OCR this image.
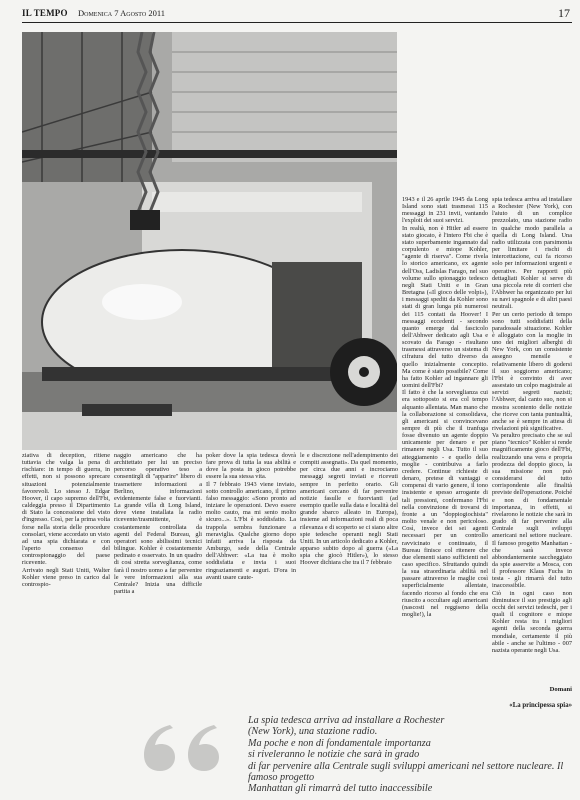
IL TEMPO Domenica 7 Agosto 2011	17
1943 e il 26 aprile 1945 da Long Island sono stati trasmessi 115 messaggi in 231 invii, vantando l'exploit dei suoi servizi.
In realtà, non è Hitler ad essere stato giocato, è l'intero Fbi che è stato superbamente ingannato dal corpulento e miope Kohler, "agente di riserva". Come rivela lo storico americano, ex agente dell'Oss, Ladislas Farago, nel suo volume sullo spionaggio tedesco negli Stati Uniti e in Gran Bretagna («Il gioco delle volpi»), i messaggi spediti da Kohler sono stati di gran lunga più numerosi dei 115 contati da Hoover! I messaggi eccedenti - secondo quanto emerge dal fascicolo dell'Abhwer dedicato agli Usa e scovato da Farago - risultano trasmessi attraverso un sistema di cifratura del tutto diverso da quello inizialmente concepito. Ma come è stato possibile? Come ha fatto Kohler ad ingannare gli uomini dell'Fbi?
Il fatto è che la sorveglianza cui era sottoposto si era col tempo alquanto allentata. Man mano che la collaborazione si consolidava, gli americani si convincevano sempre di più che il tranfuga fosse divenuto un agente doppio unicamente per denaro e per rimanere negli Usa. Tutto il suo atteggiamento - e quello della moglie - contribuiva a farlo credere. Continue richieste di denaro, pretese di vantaggi e compensi di vario genere, il tono insistente e spesso arrogante di tali pressioni, confermano l'Fbi nella convinzione di trovarsi di fronte a un "doppiogiochista" molto venale e non pericoloso. Così, invece dei sei agenti necessari per un controllo ravvicinato e continuato, il Bureau finisce col ritenere che due elementi siano sufficienti nel caso specifico. Sfruttando quindi la sua straordinaria abilità nel passare attraverso le maglie così superficialmente allentate, facendo ricorso al fondo che era riuscito a occultare agli americani (nascosti nel reggiseno della moglie!), la
spia tedesca arriva ad installare a Rochester (New York), con l'aiuto di un complice prezzolato, una stazione radio in qualche modo parallela a quella di Long Island. Una radio utilizzata con parsimonia per limitare i rischi di intercettazione, cui fa ricorso solo per informazioni urgenti e operative. Per rapporti più dettagliati Kohler si serve di una piccola rete di corrieri che l'Abhwer ha organizzato per lui su navi spagnole e di altri paesi neutrali.
Per un certo periodo di tempo sono tutti soddisfatti della paradossale situazione. Kohler è alloggiato con la moglie in uno dei migliori alberghi di New York, con un consistente assegno mensile e relativamente libero di godersi il suo soggiorno americano; l'Fbi è convinto di aver assestato un colpo magistrale ai servizi segreti nazisti; l'Abhwer, dal canto suo, non si mostra scontento delle notizie che riceve con tanta puntualità, anche se è sempre in attesa di rivelazioni più significative.
Va peraltro precisato che se sul piano "tecnico" Kohler si rende magnificamente gioco dell'Fbi, realizzando una vera e propria prodezza del doppio gioco, la sua missione non può considerarsi del tutto corrispondente alle finalità previste dell'operazione. Poiché e non di fondamentale importanza, in effetti, si rivelarono le notizie che sarà in grado di far pervenire alla Centrale sugli sviluppi americani nel settore nucleare. Il famoso progetto Manhattan - che sarà invece abbondantemente saccheggiato da spie asservite a Mosca, con il professore Klaus Fuchs in testa - gli rimarrà del tutto inaccessibile.
Ciò in ogni caso non diminuisce il suo prestigio agli occhi dei servizi tedeschi, per i quali il cognitore e miope Kohler resta tra i migliori agenti della seconda guerra mondiale, certamente il più abile - anche se l'ultimo - 007 nazista operante negli Usa.
ziativa di deception, ritiene tuttavia che valga la pena di rischiare: in tempo di guerra, in effetti, non si possono sprecare situazioni potenzialmente favorevoli. Lo stesso J. Edgar Hoover, il capo supremo dell'Fbi, caldeggia presso il Dipartimento di Stato la concessione del visto d'ingresso. Così, per la prima volta forse nella storia delle procedure consolari, viene accordato un visto ad una spia dichiarata e con l'aperto consenso del controspionaggio del paese ricevente.
Arrivato negli Stati Uniti, Walter Kohler viene preso in carico dal controspio-
naggio americano che ha architettato per lui un preciso percorso operativo teso a consentirgli di "apparire" libero di trasmettere informazioni a Berlino, informazioni evidentemente false e fuorvianti. La grande villa di Long Island, dove viene installata la radio ricevente/trasmittente, è costantemente controllata da agenti del Federal Bureau, gli operatori sono abilissimi tecnici bilingue. Kohler è costantemente pedinato e osservato. In un quadro di così stretta sorveglianza, come farà il nostro uomo a far pervenire le vere informazioni alla sua Centrale? Inizia una difficile partita a
poker dove la spia tedesca dovrà fare prova di tutta la sua abilità e dove la posta in gioco potrebbe essere la sua stessa vita.
Il 7 febbraio 1943 viene inviato, sotto controllo americano, il primo falso messaggio: «Sono pronto ad iniziare le operazioni. Devo essere molto cauto, ma mi sento molto sicuro...». L'Fbi è soddisfatto. La trappola sembra funzionare a meraviglia. Qualche giorno dopo infatti arriva la risposta da Amburgo, sede della Centrale dell'Abhwer: «La tua è molto soddisfatta e invia i suoi ringraziamenti e auguri. D'ora in avanti usare caute-
le e discrezione nell'adempimento dei compiti assegnati». Da quel momento, per circa due anni e incrociamo messaggi segreti inviati e ricevuti sempre in perfetto orario. Gli americani cercano di far pervenire notizie fasulle e fuorvianti (ad esempio quelle sulla data e località del grande sbarco alleato in Europa), insieme ad informazioni reali di poca rilevanza e di scoperto se ci siano altre spie tedesche operanti negli Stati Uniti. In un articolo dedicato a Kohler, apparso subito dopo al guerra («La spia che giocò Hitler»), lo stesso Hoover dichiara che tra il 7 febbraio
Domani
«La principessa spia»
La spia tedesca arriva ad installare a Rochester
(New York), una stazione radio.
Ma poche e non di fondamentale importanza
si riveleranno le notizie che sarà in grado
di far pervenire alla Centrale sugli sviluppi americani nel settore nucleare. Il famoso progetto
Manhattan gli rimarrà del tutto inaccessibile
